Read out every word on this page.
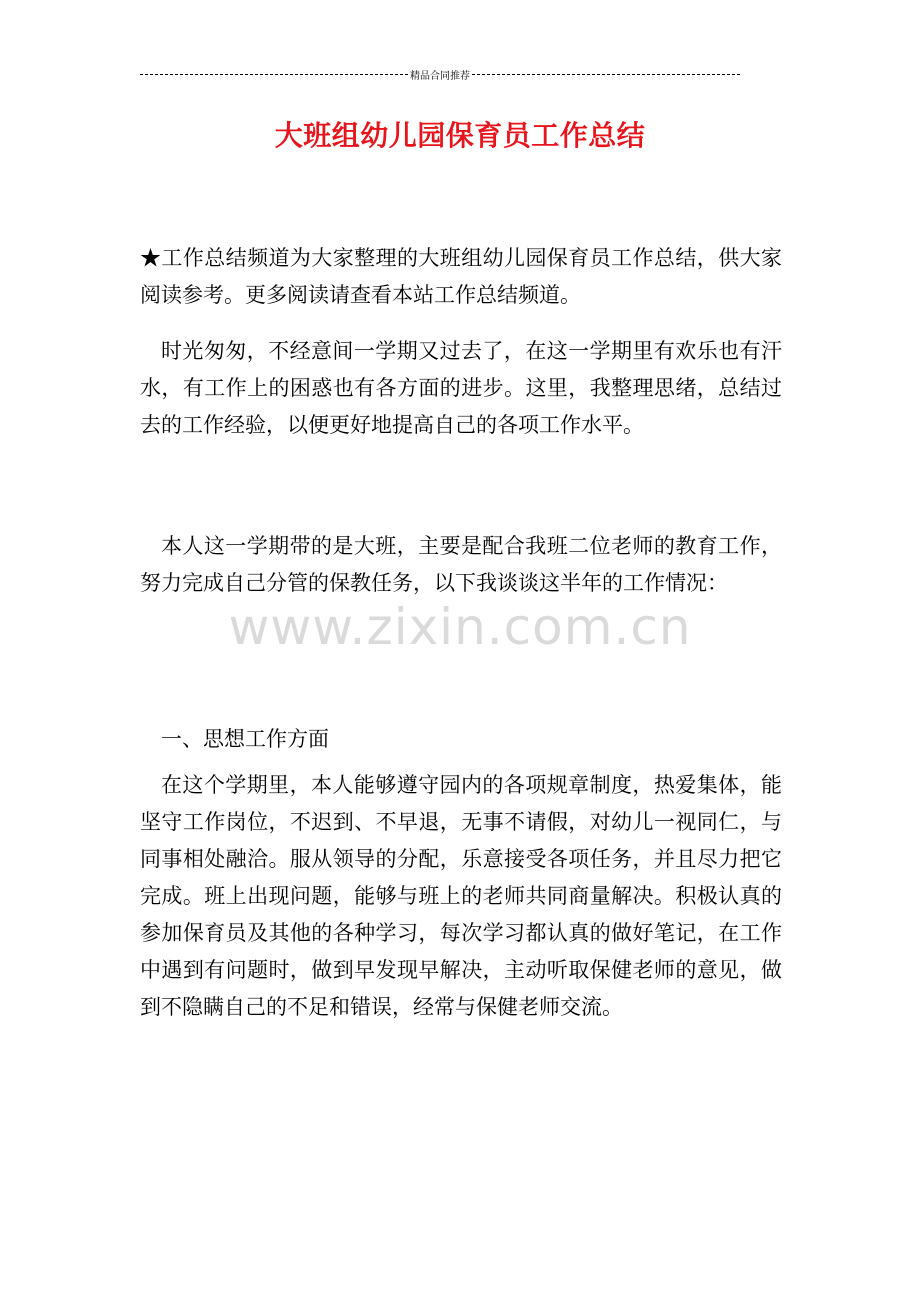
精品合同推荐
大班组幼儿园保育员工作总结

★工作总结频道为大家整理的大班组幼儿园保育员工作总结，供大家阅读参考。更多阅读请查看本站工作总结频道。

时光匆匆，不经意间一学期又过去了，在这一学期里有欢乐也有汗水，有工作上的困惑也有各方面的进步。这里，我整理思绪，总结过去的工作经验，以便更好地提高自己的各项工作水平。

本人这一学期带的是大班，主要是配合我班二位老师的教育工作，努力完成自己分管的保教任务，以下我谈谈这半年的工作情况：

一、思想工作方面

在这个学期里，本人能够遵守园内的各项规章制度，热爱集体，能坚守工作岗位，不迟到、不早退，无事不请假，对幼儿一视同仁，与同事相处融洽。服从领导的分配，乐意接受各项任务，并且尽力把它完成。班上出现问题，能够与班上的老师共同商量解决。积极认真的参加保育员及其他的各种学习，每次学习都认真的做好笔记，在工作中遇到有问题时，做到早发现早解决，主动听取保健老师的意见，做到不隐瞒自己的不足和错误，经常与保健老师交流。

www.zixin.com.cn
